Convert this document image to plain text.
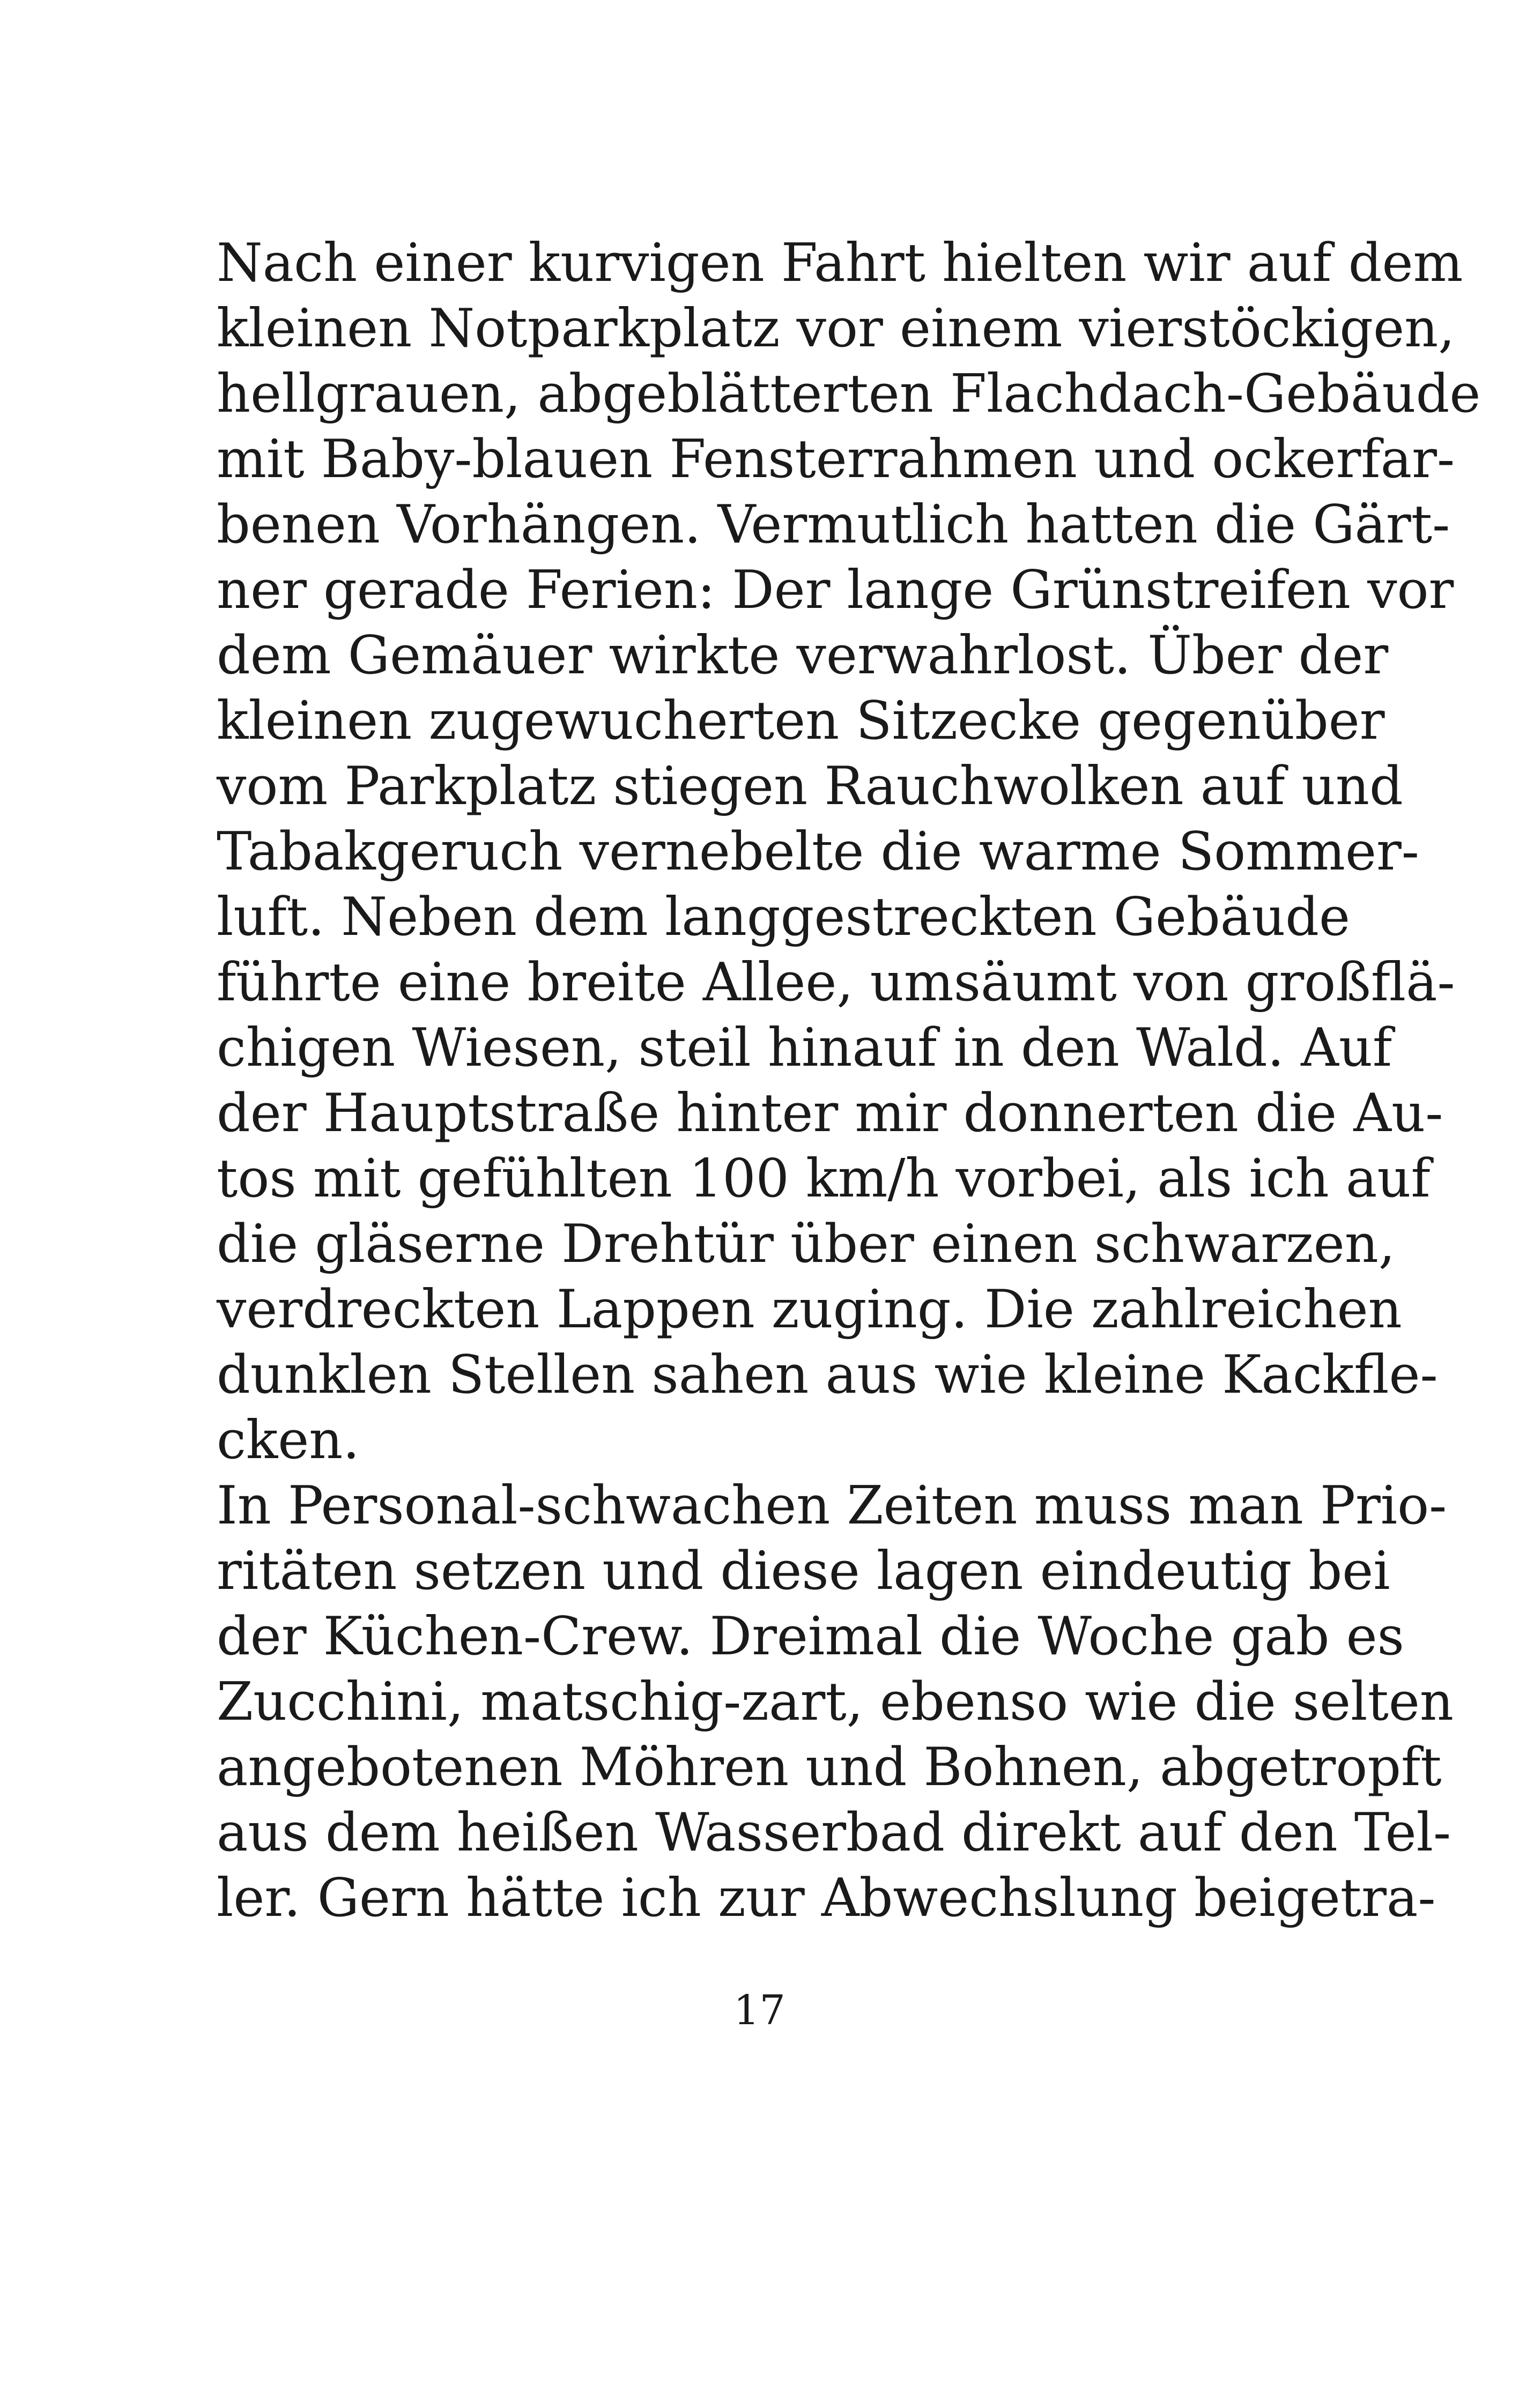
Nach einer kurvigen Fahrt hielten wir auf dem
kleinen Notparkplatz vor einem vierstöckigen,
hellgrauen, abgeblätterten Flachdach-Gebäude
mit Baby-blauen Fensterrahmen und ockerfar-
benen Vorhängen. Vermutlich hatten die Gärt-
ner gerade Ferien: Der lange Grünstreifen vor
dem Gemäuer wirkte verwahrlost. Über der
kleinen zugewucherten Sitzecke gegenüber
vom Parkplatz stiegen Rauchwolken auf und
Tabakgeruch vernebelte die warme Sommer-
luft. Neben dem langgestreckten Gebäude
führte eine breite Allee, umsäumt von großflä-
chigen Wiesen, steil hinauf in den Wald. Auf
der Hauptstraße hinter mir donnerten die Au-
tos mit gefühlten 100 km/h vorbei, als ich auf
die gläserne Drehtür über einen schwarzen,
verdreckten Lappen zuging. Die zahlreichen
dunklen Stellen sahen aus wie kleine Kackfle-
cken.
In Personal-schwachen Zeiten muss man Prio-
ritäten setzen und diese lagen eindeutig bei
der Küchen-Crew. Dreimal die Woche gab es
Zucchini, matschig-zart, ebenso wie die selten
angebotenen Möhren und Bohnen, abgetropft
aus dem heißen Wasserbad direkt auf den Tel-
ler. Gern hätte ich zur Abwechslung beigetra-
17
